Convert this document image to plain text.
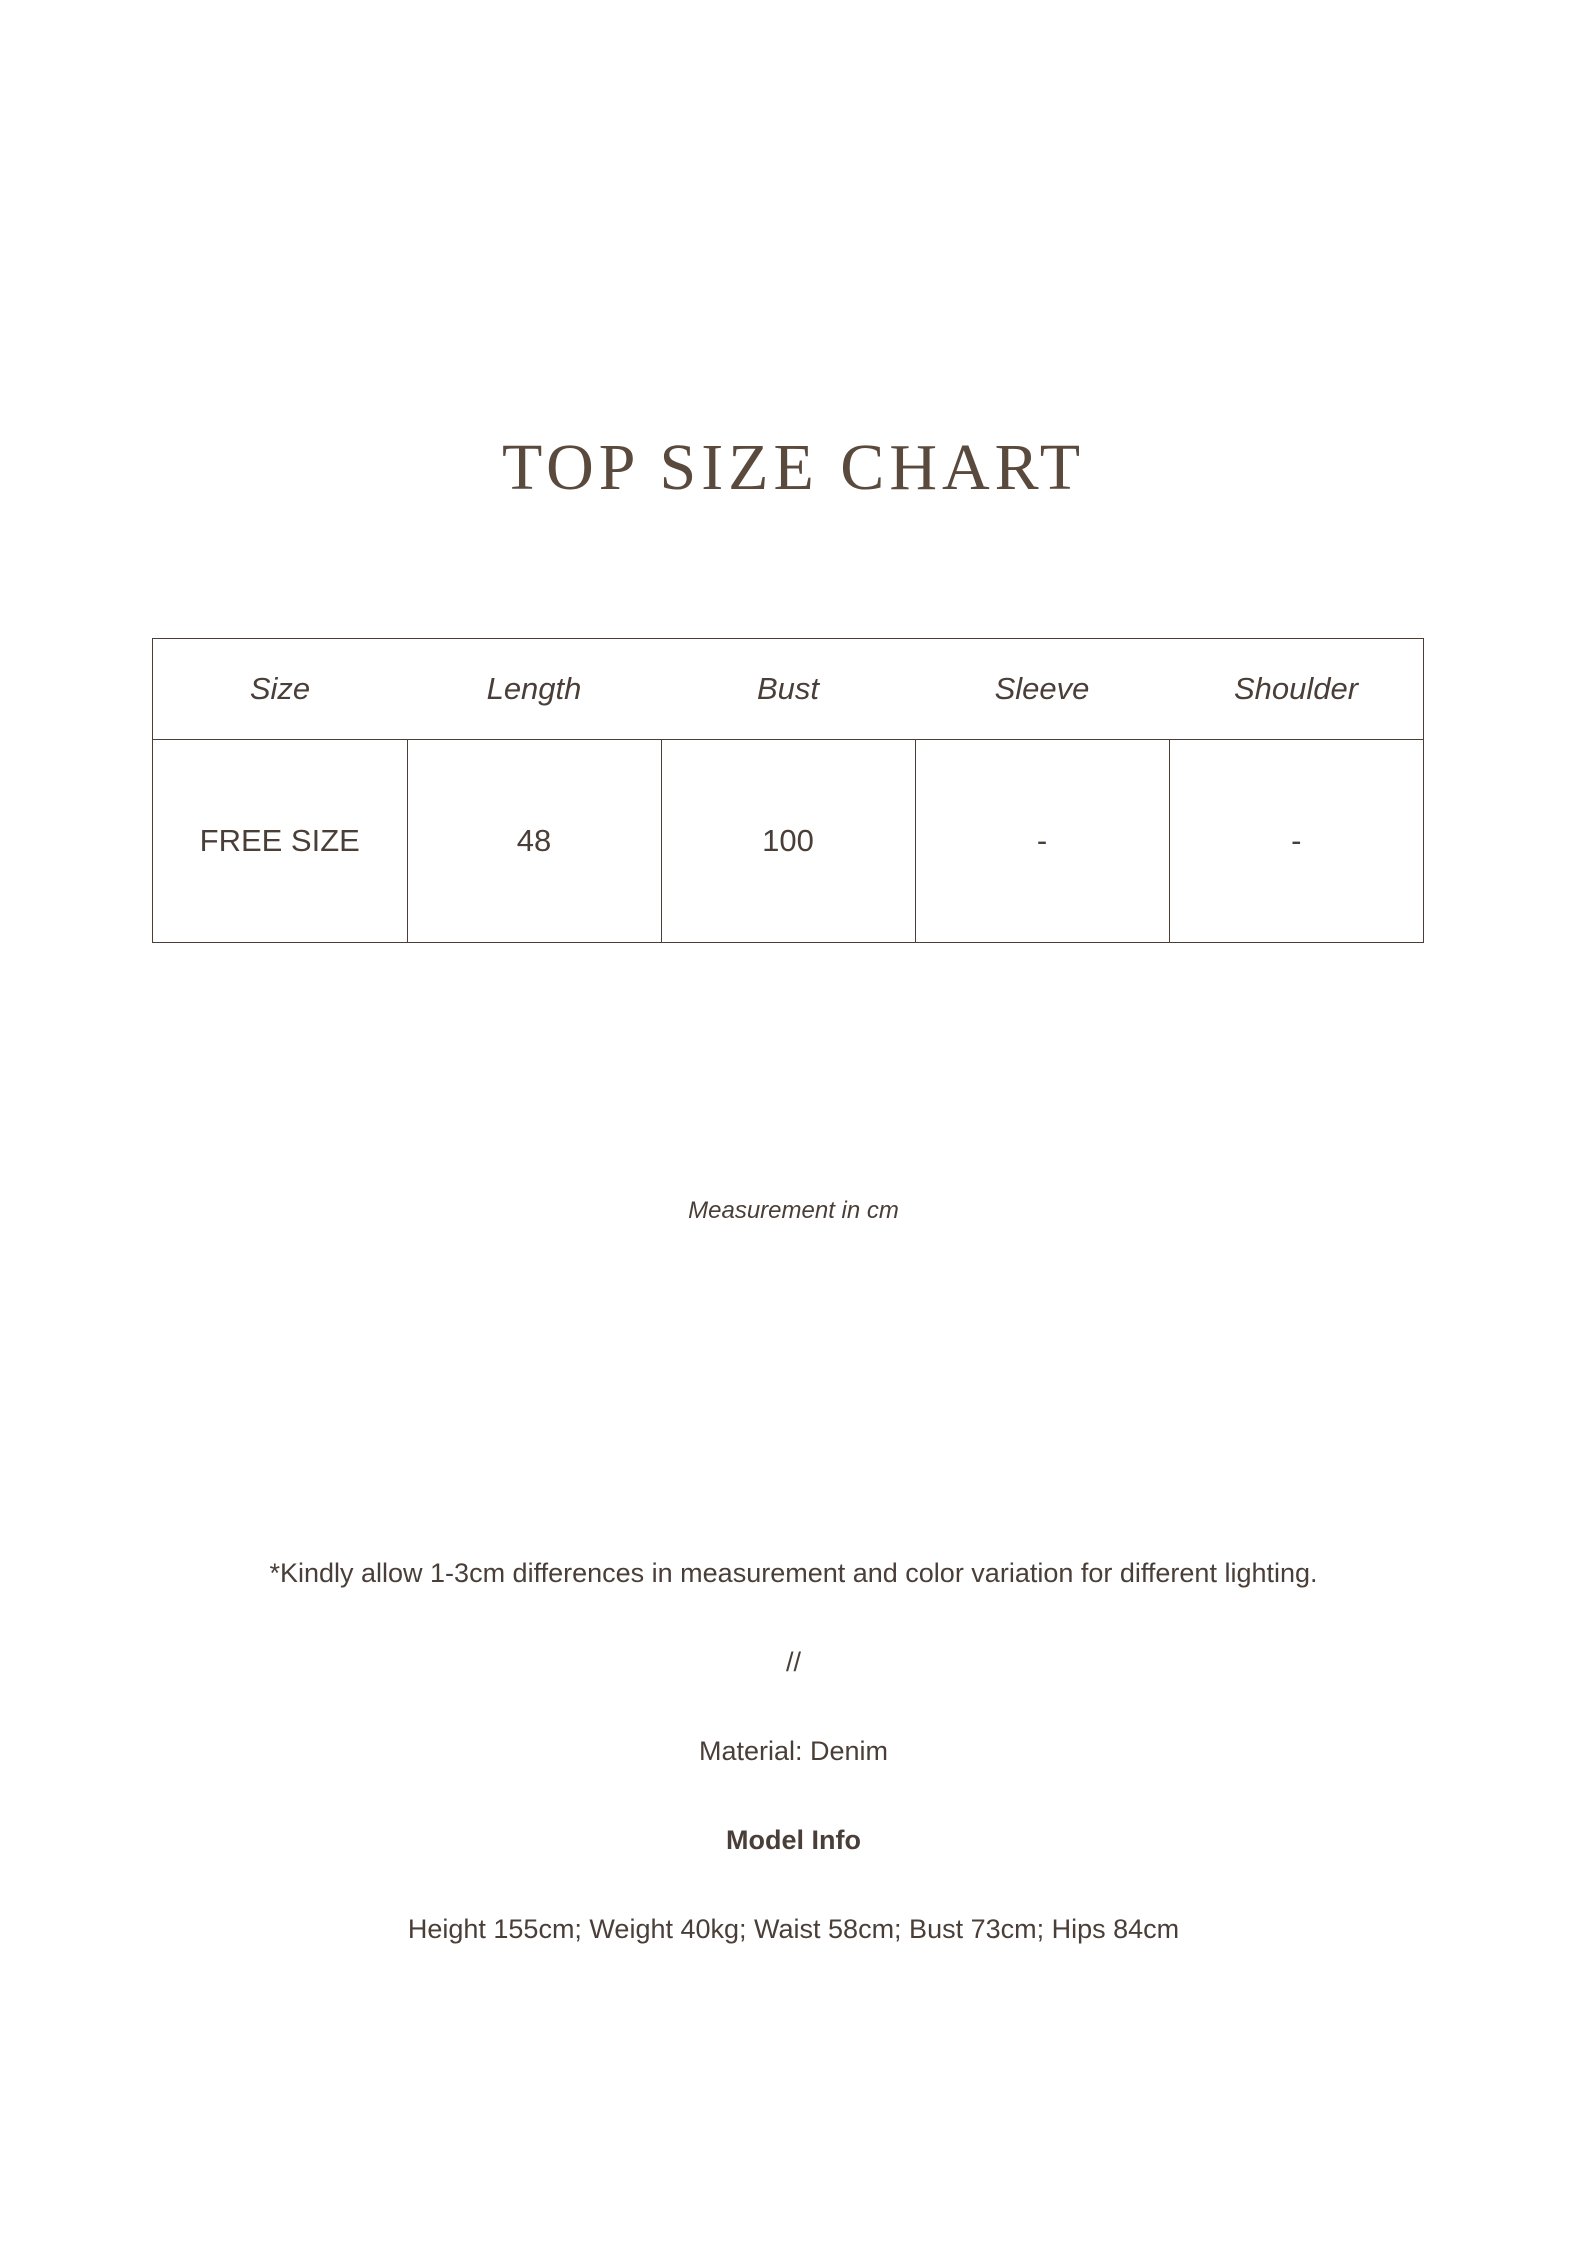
TOP SIZE CHART
Size	Length	Bust	Sleeve	Shoulder
FREE SIZE	48	100	-	-
Measurement in cm
*Kindly allow 1-3cm differences in measurement and color variation for different lighting.
//
Material: Denim
Model Info
Height 155cm; Weight 40kg; Waist 58cm; Bust 73cm; Hips 84cm
